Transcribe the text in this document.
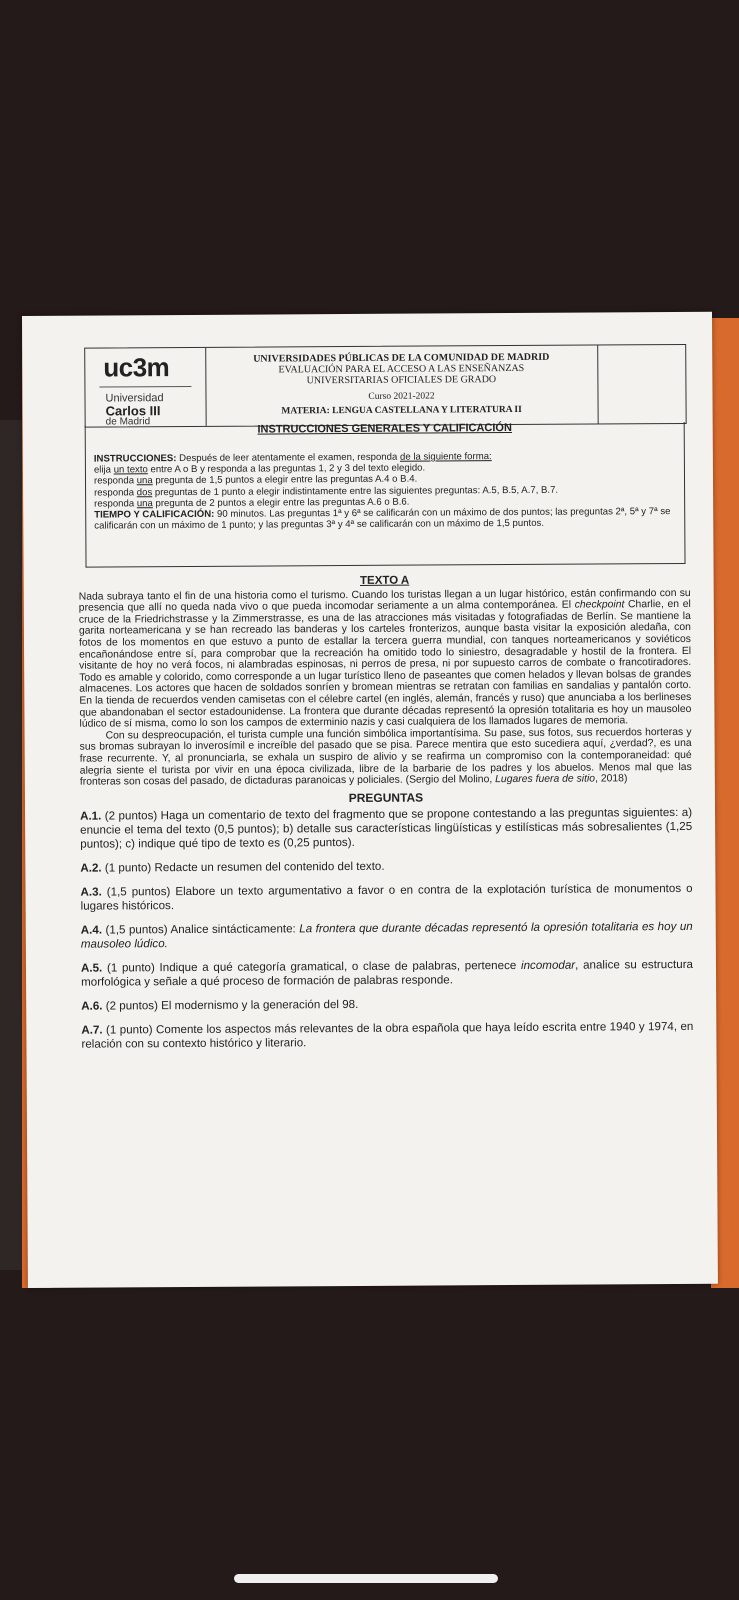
uc3m
Universidad
Carlos III
de Madrid
UNIVERSIDADES PÚBLICAS DE LA COMUNIDAD DE MADRID
EVALUACIÓN PARA EL ACCESO A LAS ENSEÑANZAS
UNIVERSITARIAS OFICIALES DE GRADO
Curso 2021-2022
MATERIA: LENGUA CASTELLANA Y LITERATURA II
INSTRUCCIONES GENERALES Y CALIFICACIÓN
INSTRUCCIONES: Después de leer atentamente el examen, responda de la siguiente forma:
elija un texto entre A o B y responda a las preguntas 1, 2 y 3 del texto elegido.
responda una pregunta de 1,5 puntos a elegir entre las preguntas A.4 o B.4.
responda dos preguntas de 1 punto a elegir indistintamente entre las siguientes preguntas: A.5, B.5, A.7, B.7.
responda una pregunta de 2 puntos a elegir entre las preguntas A.6 o B.6.
TIEMPO Y CALIFICACIÓN: 90 minutos. Las preguntas 1ª y 6ª se calificarán con un máximo de dos puntos; las preguntas 2ª, 5ª y 7ª se calificarán con un máximo de 1 punto; y las preguntas 3ª y 4ª se calificarán con un máximo de 1,5 puntos.
TEXTO A
Nada subraya tanto el fin de una historia como el turismo. Cuando los turistas llegan a un lugar histórico, están confirmando con su presencia que allí no queda nada vivo o que pueda incomodar seriamente a un alma contemporánea. El checkpoint Charlie, en el cruce de la Friedrichstrasse y la Zimmerstrasse, es una de las atracciones más visitadas y fotografiadas de Berlín. Se mantiene la garita norteamericana y se han recreado las banderas y los carteles fronterizos, aunque basta visitar la exposición aledaña, con fotos de los momentos en que estuvo a punto de estallar la tercera guerra mundial, con tanques norteamericanos y soviéticos encañonándose entre sí, para comprobar que la recreación ha omitido todo lo siniestro, desagradable y hostil de la frontera. El visitante de hoy no verá focos, ni alambradas espinosas, ni perros de presa, ni por supuesto carros de combate o francotiradores. Todo es amable y colorido, como corresponde a un lugar turístico lleno de paseantes que comen helados y llevan bolsas de grandes almacenes. Los actores que hacen de soldados sonríen y bromean mientras se retratan con familias en sandalias y pantalón corto. En la tienda de recuerdos venden camisetas con el célebre cartel (en inglés, alemán, francés y ruso) que anunciaba a los berlineses que abandonaban el sector estadounidense. La frontera que durante décadas representó la opresión totalitaria es hoy un mausoleo lúdico de sí misma, como lo son los campos de exterminio nazis y casi cualquiera de los llamados lugares de memoria.
Con su despreocupación, el turista cumple una función simbólica importantísima. Su pase, sus fotos, sus recuerdos horteras y sus bromas subrayan lo inverosímil e increíble del pasado que se pisa. Parece mentira que esto sucediera aquí, ¿verdad?, es una frase recurrente. Y, al pronunciarla, se exhala un suspiro de alivio y se reafirma un compromiso con la contemporaneidad: qué alegría siente el turista por vivir en una época civilizada, libre de la barbarie de los padres y los abuelos. Menos mal que las fronteras son cosas del pasado, de dictaduras paranoicas y policiales. (Sergio del Molino, Lugares fuera de sitio, 2018)
PREGUNTAS
A.1. (2 puntos) Haga un comentario de texto del fragmento que se propone contestando a las preguntas siguientes: a) enuncie el tema del texto (0,5 puntos); b) detalle sus características lingüísticas y estilísticas más sobresalientes (1,25 puntos); c) indique qué tipo de texto es (0,25 puntos).
A.2. (1 punto) Redacte un resumen del contenido del texto.
A.3. (1,5 puntos) Elabore un texto argumentativo a favor o en contra de la explotación turística de monumentos o lugares históricos.
A.4. (1,5 puntos) Analice sintácticamente: La frontera que durante décadas representó la opresión totalitaria es hoy un mausoleo lúdico.
A.5. (1 punto) Indique a qué categoría gramatical, o clase de palabras, pertenece incomodar, analice su estructura morfológica y señale a qué proceso de formación de palabras responde.
A.6. (2 puntos) El modernismo y la generación del 98.
A.7. (1 punto) Comente los aspectos más relevantes de la obra española que haya leído escrita entre 1940 y 1974, en relación con su contexto histórico y literario.
